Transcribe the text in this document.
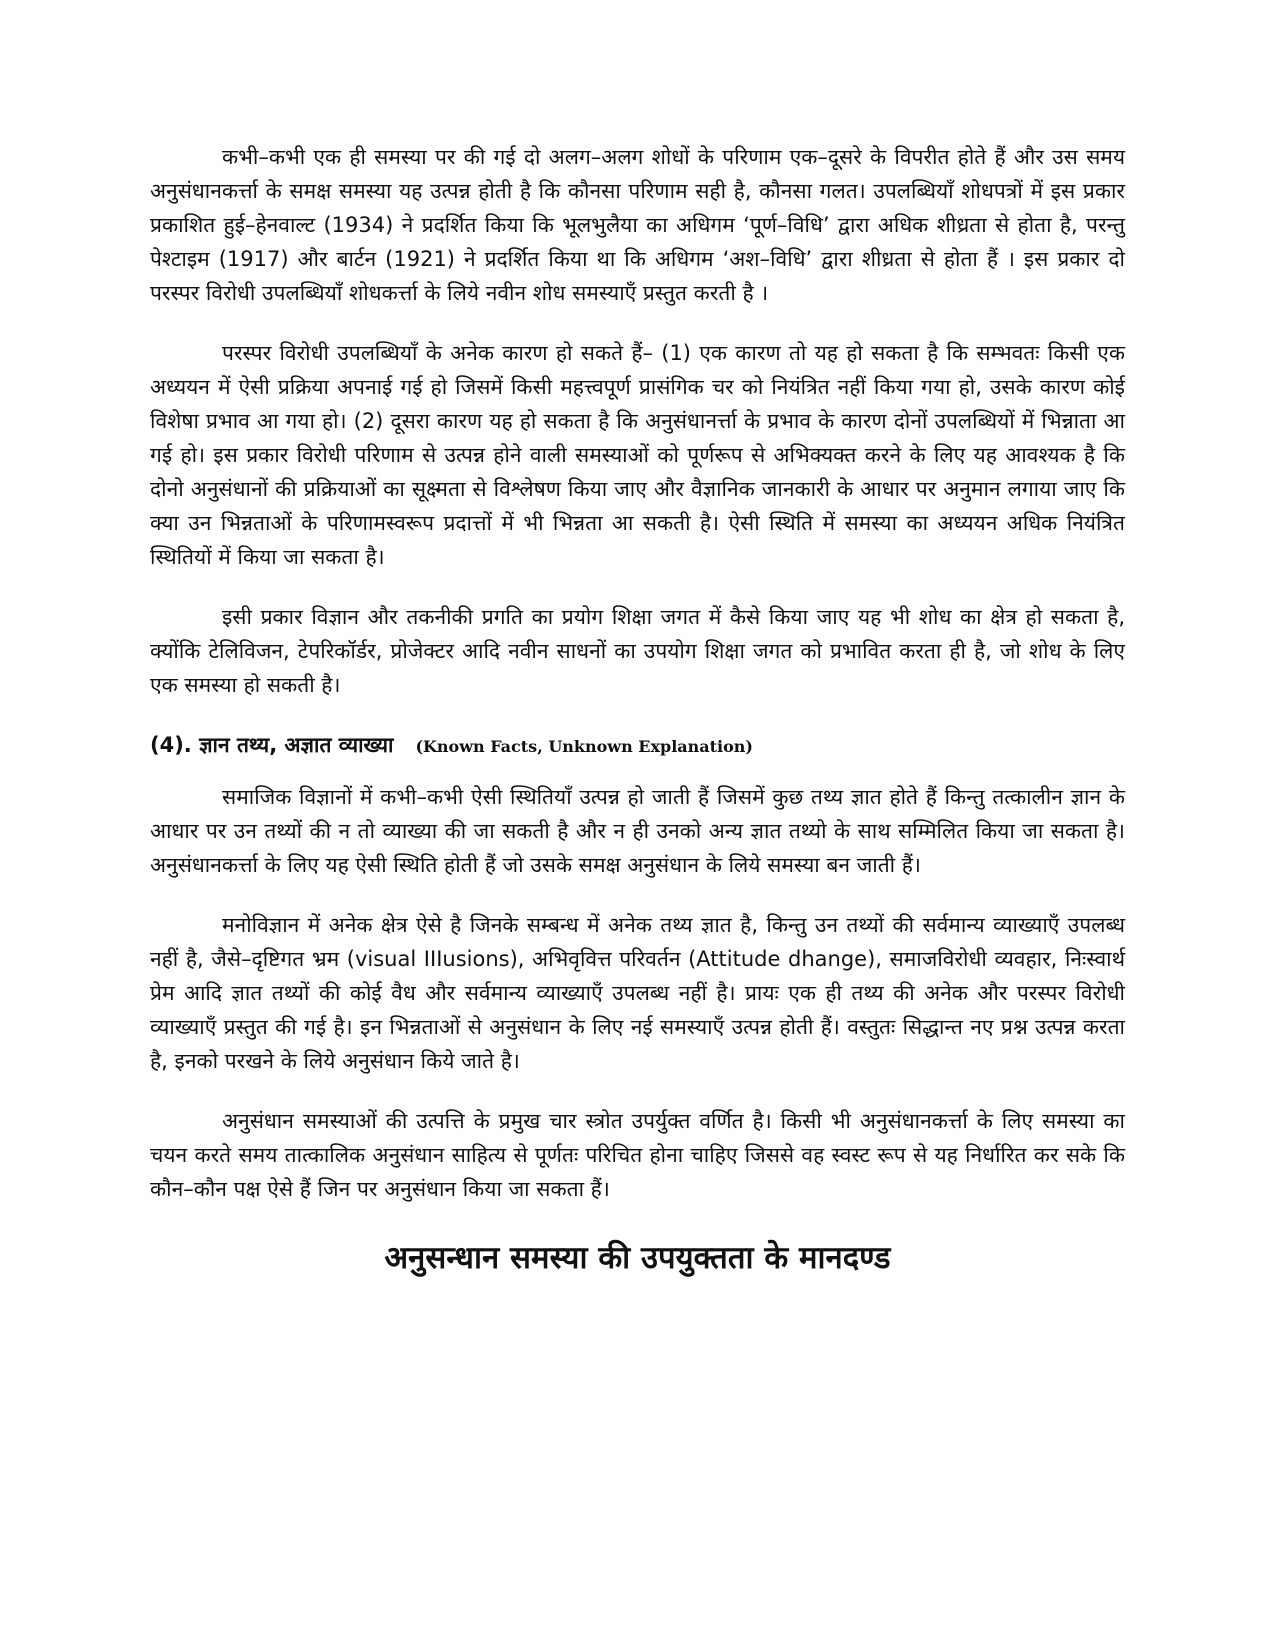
कभी–कभी एक ही समस्या पर की गई दो अलग–अलग शोधों के परिणाम एक–दूसरे के विपरीत होते हैं और उस समय अनुसंधानकर्त्ता के समक्ष समस्या यह उत्पन्न होती है कि कौनसा परिणाम सही है, कौनसा गलत। उपलब्धियॉं शोधपत्रों में इस प्रकार प्रकाशित हुई–हेनवाल्ट (1934) ने प्रदर्शित किया कि भूलभुलैया का अधिगम ‘पूर्ण–विधि’ द्वारा अधिक शीध्रता से होता है, परन्तु पेश्टाइम (1917) और बार्टन (1921) ने प्रदर्शित किया था कि अधिगम ‘अश–विधि’ द्वारा शीध्रता से होता हैं । इस प्रकार दो परस्पर विरोधी उपलब्धियॉं शोधकर्त्ता के लिये नवीन शोध समस्याऍं प्रस्तुत करती है ।

परस्पर विरोधी उपलब्धियॉं के अनेक कारण हो सकते हैं– (1) एक कारण तो यह हो सकता है कि सम्भवतः किसी एक अध्ययन में ऐसी प्रक्रिया अपनाई गई हो जिसमें किसी महत्त्वपूर्ण प्रासंगिक चर को नियंत्रित नहीं किया गया हो, उसके कारण कोई विशेषा प्रभाव आ गया हो। (2) दूसरा कारण यह हो सकता है कि अनुसंधानर्त्ता के प्रभाव के कारण दोनों उपलब्धियों में भिन्नाता आ गई हो। इस प्रकार विरोधी परिणाम से उत्पन्न होने वाली समस्याओं को पूर्णरूप से अभिक्यक्त करने के लिए यह आवश्यक है कि दोनो अनुसंधानों की प्रक्रियाओं का सूक्ष्मता से विश्लेषण किया जाए और वैज्ञानिक जानकारी के आधार पर अनुमान लगाया जाए कि क्या उन भिन्नताओं के परिणामस्वरूप प्रदात्तों में भी भिन्नता आ सकती है। ऐसी स्थिति में समस्या का अध्ययन अधिक नियंत्रित स्थितियों में किया जा सकता है।

इसी प्रकार विज्ञान और तकनीकी प्रगति का प्रयोग शिक्षा जगत में कैसे किया जाए यह भी शोध का क्षेत्र हो सकता है, क्योंकि टेलिविजन, टेपरिकॉर्डर, प्रोजेक्टर आदि नवीन साधनों का उपयोग शिक्षा जगत को प्रभावित करता ही है, जो शोध के लिए एक समस्या हो सकती है।

(4). ज्ञान तथ्य, अज्ञात व्याख्या (Known Facts, Unknown Explanation)

समाजिक विज्ञानों में कभी–कभी ऐसी स्थितियॉं उत्पन्न हो जाती हैं जिसमें कुछ तथ्य ज्ञात होते हैं किन्तु तत्कालीन ज्ञान के आधार पर उन तथ्यों की न तो व्याख्या की जा सकती है और न ही उनको अन्य ज्ञात तथ्यो के साथ सम्मिलित किया जा सकता है। अनुसंधानकर्त्ता के लिए यह ऐसी स्थिति होती हैं जो उसके समक्ष अनुसंधान के लिये समस्या बन जाती हैं।

मनोविज्ञान में अनेक क्षेत्र ऐसे है जिनके सम्बन्ध में अनेक तथ्य ज्ञात है, किन्तु उन तथ्यों की सर्वमान्य व्याख्याऍं उपलब्ध नहीं है, जैसे–दृष्टिगत भ्रम (visual IIIusions), अभिवृवित्त परिवर्तन (Attitude dhange), समाजविरोधी व्यवहार, निःस्वार्थ प्रेम आदि ज्ञात तथ्यों की कोई वैध और सर्वमान्य व्याख्याऍं उपलब्ध नहीं है। प्रायः एक ही तथ्य की अनेक और परस्पर विरोधी व्याख्याऍं प्रस्तुत की गई है। इन भिन्नताओं से अनुसंधान के लिए नई समस्याऍं उत्पन्न होती हैं। वस्तुतः सिद्धान्त नए प्रश्न उत्पन्न करता है, इनको परखने के लिये अनुसंधान किये जाते है।

अनुसंधान समस्याओं की उत्पत्ति के प्रमुख चार स्त्रोत उपर्युक्त वर्णित है। किसी भी अनुसंधानकर्त्ता के लिए समस्या का चयन करते समय तात्कालिक अनुसंधान साहित्य से पूर्णतः परिचित होना चाहिए जिससे वह स्वस्ट रूप से यह निर्धारित कर सके कि कौन–कौन पक्ष ऐसे हैं जिन पर अनुसंधान किया जा सकता हैं।

अनुसन्धान समस्या की उपयुक्तता के मानदण्ड
